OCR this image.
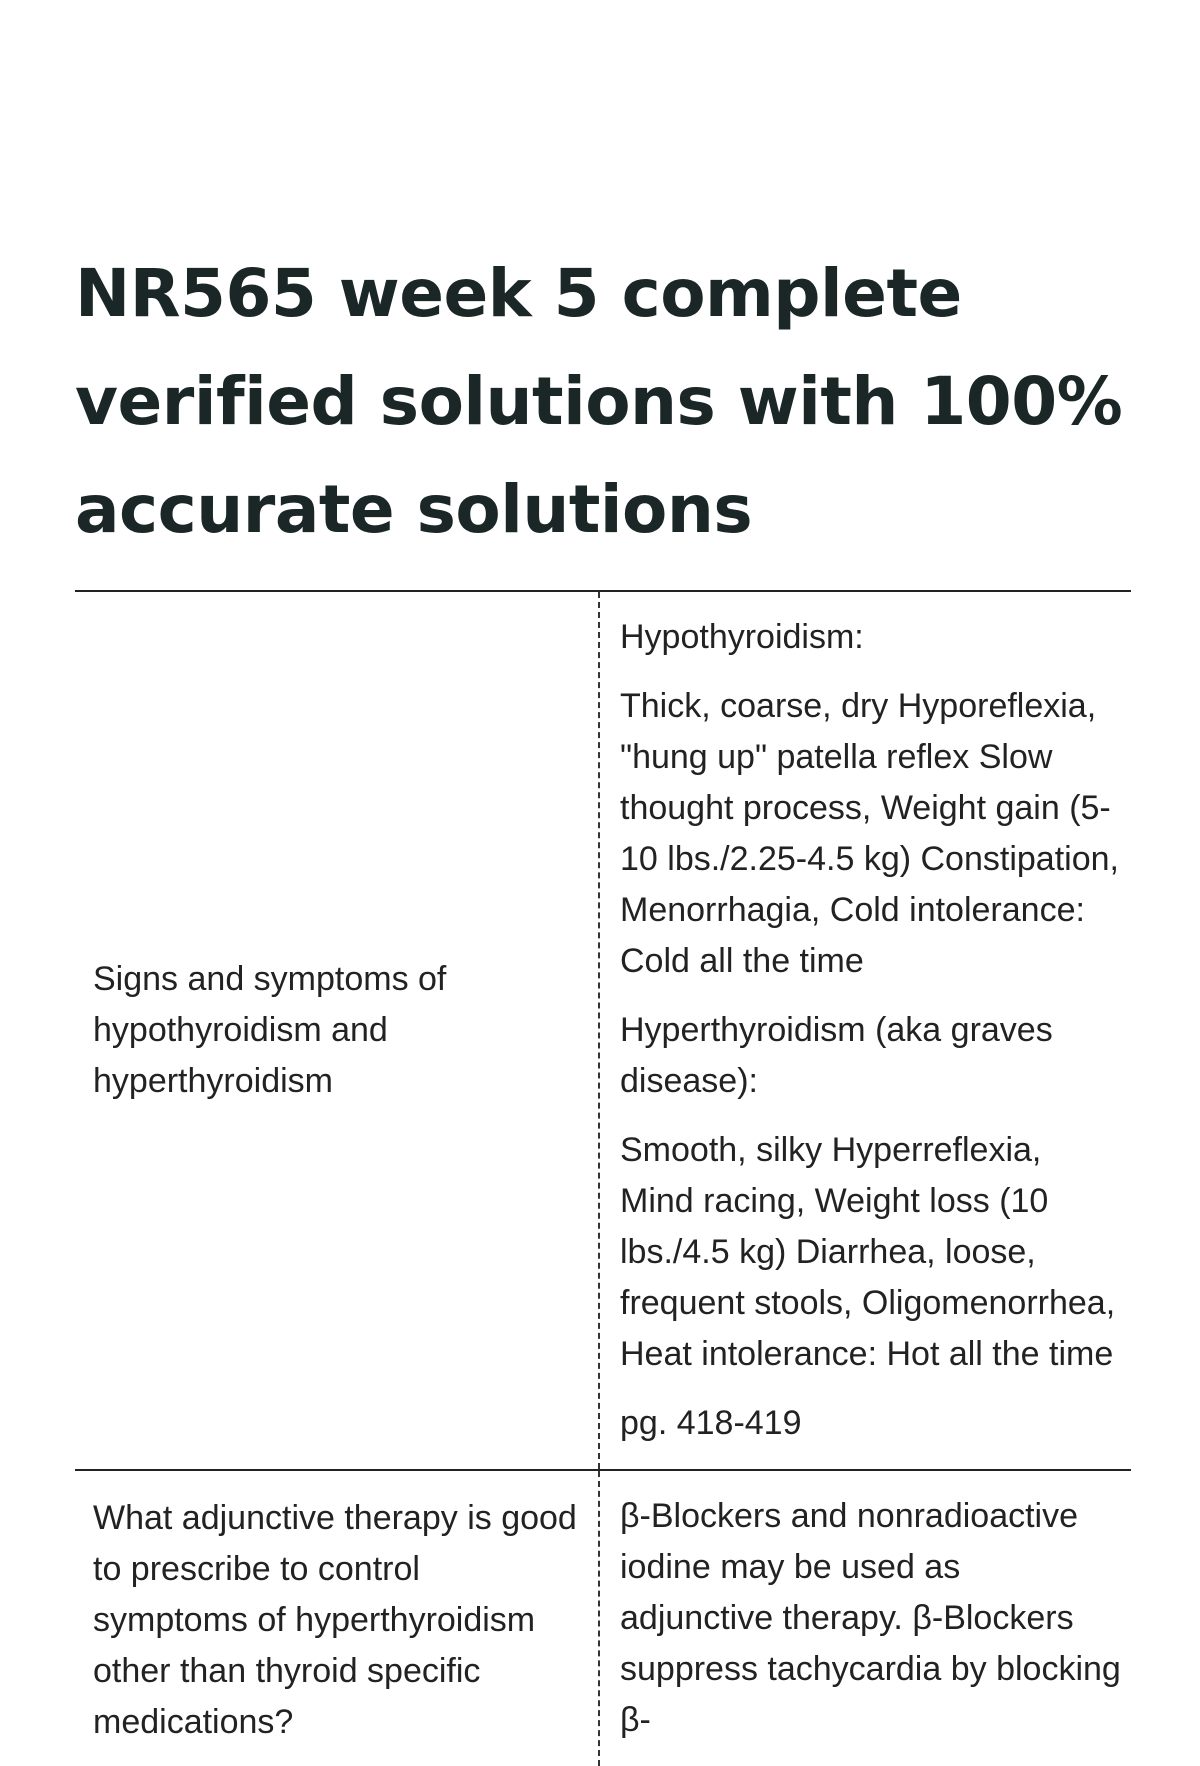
NR565 week 5 complete verified solutions with 100% accurate solutions
Signs and symptoms of hypothyroidism and hyperthyroidism

Hypothyroidism:

Thick, coarse, dry Hyporeflexia, "hung up" patella reflex Slow thought process, Weight gain (5-10 lbs./2.25-4.5 kg) Constipation, Menorrhagia, Cold intolerance: Cold all the time

Hyperthyroidism (aka graves disease):

Smooth, silky Hyperreflexia, Mind racing, Weight loss (10 lbs./4.5 kg) Diarrhea, loose, frequent stools, Oligomenorrhea, Heat intolerance: Hot all the time

pg. 418-419

What adjunctive therapy is good to prescribe to control symptoms of hyperthyroidism other than thyroid specific medications?

β-Blockers and nonradioactive iodine may be used as adjunctive therapy. β-Blockers suppress tachycardia by blocking β-
